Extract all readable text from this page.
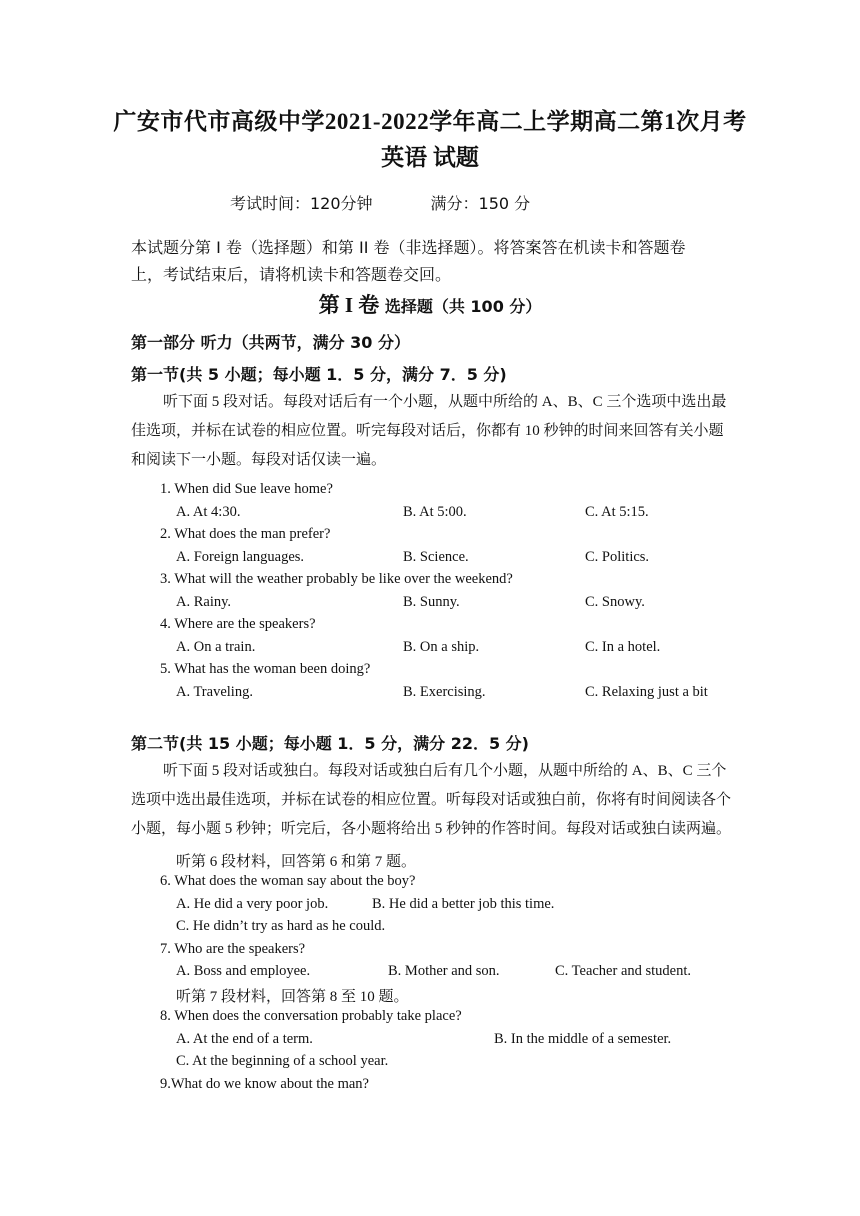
广安市代市高级中学2021-2022学年高二上学期高二第1次月考
英语 试题
考试时间：120分钟	满分：150 分
本试题分第 I 卷（选择题）和第 II 卷（非选择题）。将答案答在机读卡和答题卷
上，考试结束后，请将机读卡和答题卷交回。
第 I 卷 选择题（共 100 分）
第一部分 听力（共两节，满分 30 分）
第一节(共 5 小题；每小题 1．5 分，满分 7．5 分)
听下面 5 段对话。每段对话后有一个小题，从题中所给的 A、B、C 三个选项中选出最
佳选项，并标在试卷的相应位置。听完每段对话后，你都有 10 秒钟的时间来回答有关小题
和阅读下一小题。每段对话仅读一遍。
1. When did Sue leave home?
A. At 4:30.	B. At 5:00.	C. At 5:15.
2. What does the man prefer?
A. Foreign languages.	B. Science.	C. Politics.
3. What will the weather probably be like over the weekend?
A. Rainy.	B. Sunny.	C. Snowy.
4. Where are the speakers?
A. On a train.	B. On a ship.	C. In a hotel.
5. What has the woman been doing?
A. Traveling.	B. Exercising.	C. Relaxing just a bit
第二节(共 15 小题；每小题 1．5 分，满分 22．5 分)
听下面 5 段对话或独白。每段对话或独白后有几个小题，从题中所给的 A、B、C 三个
选项中选出最佳选项，并标在试卷的相应位置。听每段对话或独白前，你将有时间阅读各个
小题，每小题 5 秒钟；听完后，各小题将给出 5 秒钟的作答时间。每段对话或独白读两遍。
听第 6 段材料，回答第 6 和第 7 题。
6. What does the woman say about the boy?
A. He did a very poor job.	B. He did a better job this time.
C. He didn’t try as hard as he could.
7. Who are the speakers?
A. Boss and employee.	B. Mother and son.	C. Teacher and student.
听第 7 段材料，回答第 8 至 10 题。
8. When does the conversation probably take place?
A. At the end of a term.	B. In the middle of a semester.
C. At the beginning of a school year.
9.What do we know about the man?
